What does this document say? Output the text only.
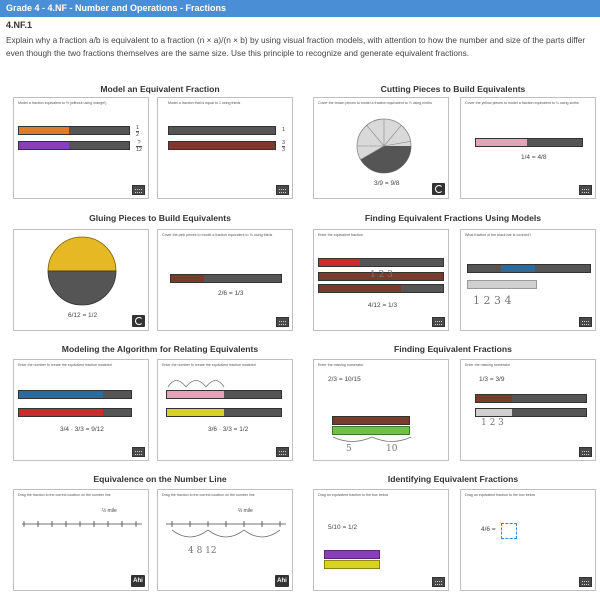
Grade 4 - 4.NF - Number and Operations - Fractions
4.NF.1
Explain why a fraction a/b is equivalent to a fraction (n × a)/(n × b) by using visual fraction models, with attention to how the number and size of the parts differ even though the two fractions themselves are the same size. Use this principle to recognize and generate equivalent fractions.
Model an Equivalent Fraction	Cutting Pieces to Build Equivalents
Model a fraction equivalent to ½ (without using orange!)
1
2
?
12
Model a fraction that is equal to 1 using thirds
1
3
3
Cover the brown pieces to model a fraction equivalent to ⅓ using ninths
3/9 = 9/8
Cover the yellow pieces to model a fraction equivalent to ¼ using sixths
1/4 = 4/8
Gluing Pieces to Build Equivalents	Finding Equivalent Fractions Using Models
6/12 = 1/2
Cover the pink pieces to model a fraction equivalent to ⅙ using thirds
2/6 = 1/3
Enter the equivalent fraction
1 2 3
4/12 = 1/3
What fraction of the black bar is covered?
1 2 3 4
Modeling the Algorithm for Relating Equivalents	Finding Equivalent Fractions
Enter the number to create the equivalent fraction modeled
3/4 · 3/3 = 9/12
Enter the number to create the equivalent fraction modeled
3/6 · 3/3 = 1/2
Enter the missing numerator
2/3 = 10/15
5	10
Enter the missing numerator
1/3 = 3/9
1 2 3
Equivalence on the Number Line	Identifying Equivalent Fractions
Drag the fraction to the correct location on the number line
½ mile
Ahi
Drag the fraction to the correct location on the number line
⅔ mile
4 8 12
Ahi
Drag an equivalent fraction to the box below
5/10 = 1/2
Drag an equivalent fraction to the box below
4/6 =
